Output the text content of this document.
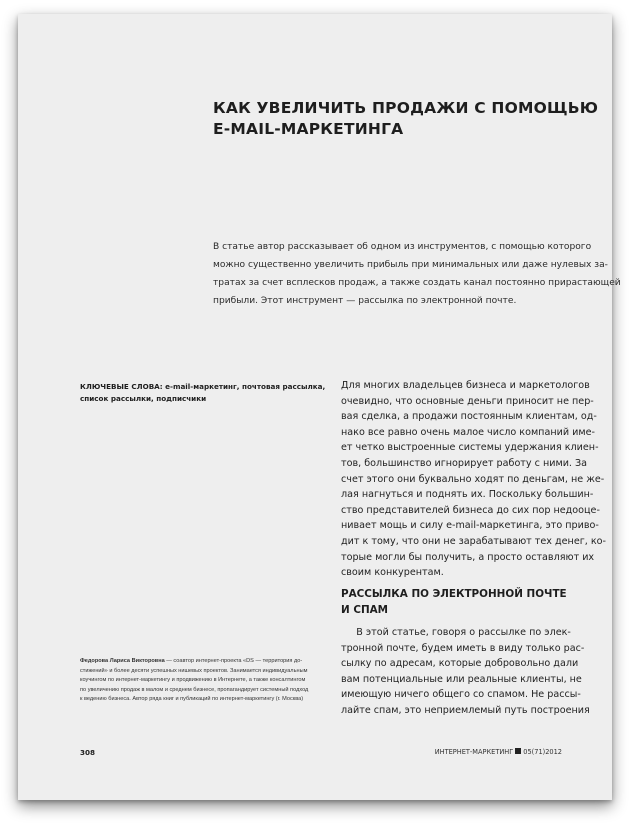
КАК УВЕЛИЧИТЬ ПРОДАЖИ С ПОМОЩЬЮ
E-MAIL-МАРКЕТИНГА
В статье автор рассказывает об одном из инструментов, с помощью которого
можно существенно увеличить прибыль при минимальных или даже нулевых за-
тратах за счет всплесков продаж, а также создать канал постоянно прирастающей
прибыли. Этот инструмент — рассылка по электронной почте.
КЛЮЧЕВЫЕ СЛОВА: e-mail-маркетинг, почтовая рассылка,
список рассылки, подписчики
Для многих владельцев бизнеса и маркетологов
очевидно, что основные деньги приносит не пер-
вая сделка, а продажи постоянным клиентам, од-
нако все равно очень малое число компаний име-
ет четко выстроенные системы удержания клиен-
тов, большинство игнорирует работу с ними. За
счет этого они буквально ходят по деньгам, не же-
лая нагнуться и поднять их. Поскольку большин-
ство представителей бизнеса до сих пор недооце-
нивает мощь и силу e-mail-маркетинга, это приво-
дит к тому, что они не зарабатывают тех денег, ко-
торые могли бы получить, а просто оставляют их
своим конкурентам.
РАССЫЛКА ПО ЭЛЕКТРОННОЙ ПОЧТЕ
И СПАМ
В этой статье, говоря о рассылке по элек-
тронной почте, будем иметь в виду только рас-
сылку по адресам, которые добровольно дали
вам потенциальные или реальные клиенты, не
имеющую ничего общего со спамом. Не рассы-
лайте спам, это неприемлемый путь построения
Федорова Лариса Викторовна — соавтор интернет-проекта «DS — территория до-
стижений» и более десяти успешных нишевых проектов. Занимается индивидуальным
коучингом по интернет-маркетингу и продвижению в Интернете, а также консалтингом
по увеличению продаж в малом и среднем бизнесе, пропагандирует системный подход
к ведению бизнеса. Автор ряда книг и публикаций по интернет-маркетингу (г. Москва)
308	ИНТЕРНЕТ-МАРКЕТИНГ 05(71)2012
